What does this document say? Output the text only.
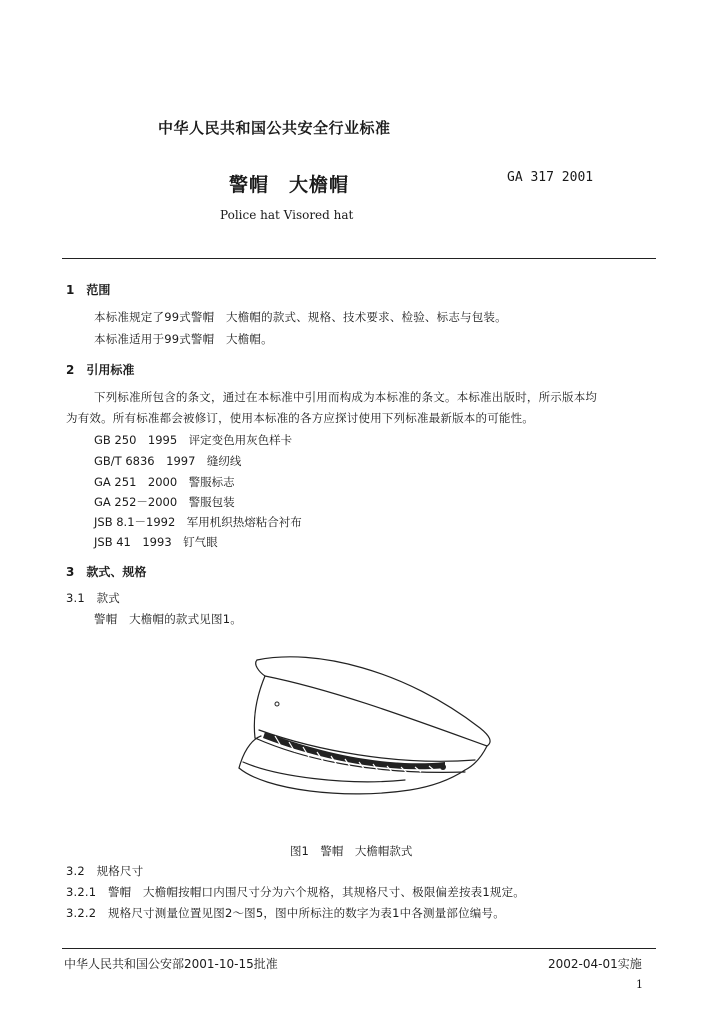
中华人民共和国公共安全行业标准
警帽　大檐帽	GA 317 2001
Police hat Visored hat
1　范围
本标准规定了99式警帽　大檐帽的款式、规格、技术要求、检验、标志与包装。
本标准适用于99式警帽　大檐帽。
2　引用标准
下列标准所包含的条文，通过在本标准中引用而构成为本标准的条文。本标准出版时，所示版本均
为有效。所有标准都会被修订，使用本标准的各方应探讨使用下列标准最新版本的可能性。
GB 250　1995　评定变色用灰色样卡
GB/T 6836　1997　缝纫线
GA 251　2000　警服标志
GA 252－2000　警服包装
JSB 8.1－1992　军用机织热熔粘合衬布
JSB 41　1993　钉气眼
3　款式、规格
3.1　款式
警帽　大檐帽的款式见图1。
图1　警帽　大檐帽款式
3.2　规格尺寸
3.2.1　警帽　大檐帽按帽口内围尺寸分为六个规格，其规格尺寸、极限偏差按表1规定。
3.2.2　规格尺寸测量位置见图2～图5，图中所标注的数字为表1中各测量部位编号。
中华人民共和国公安部2001-10-15批准	2002-04-01实施
1
